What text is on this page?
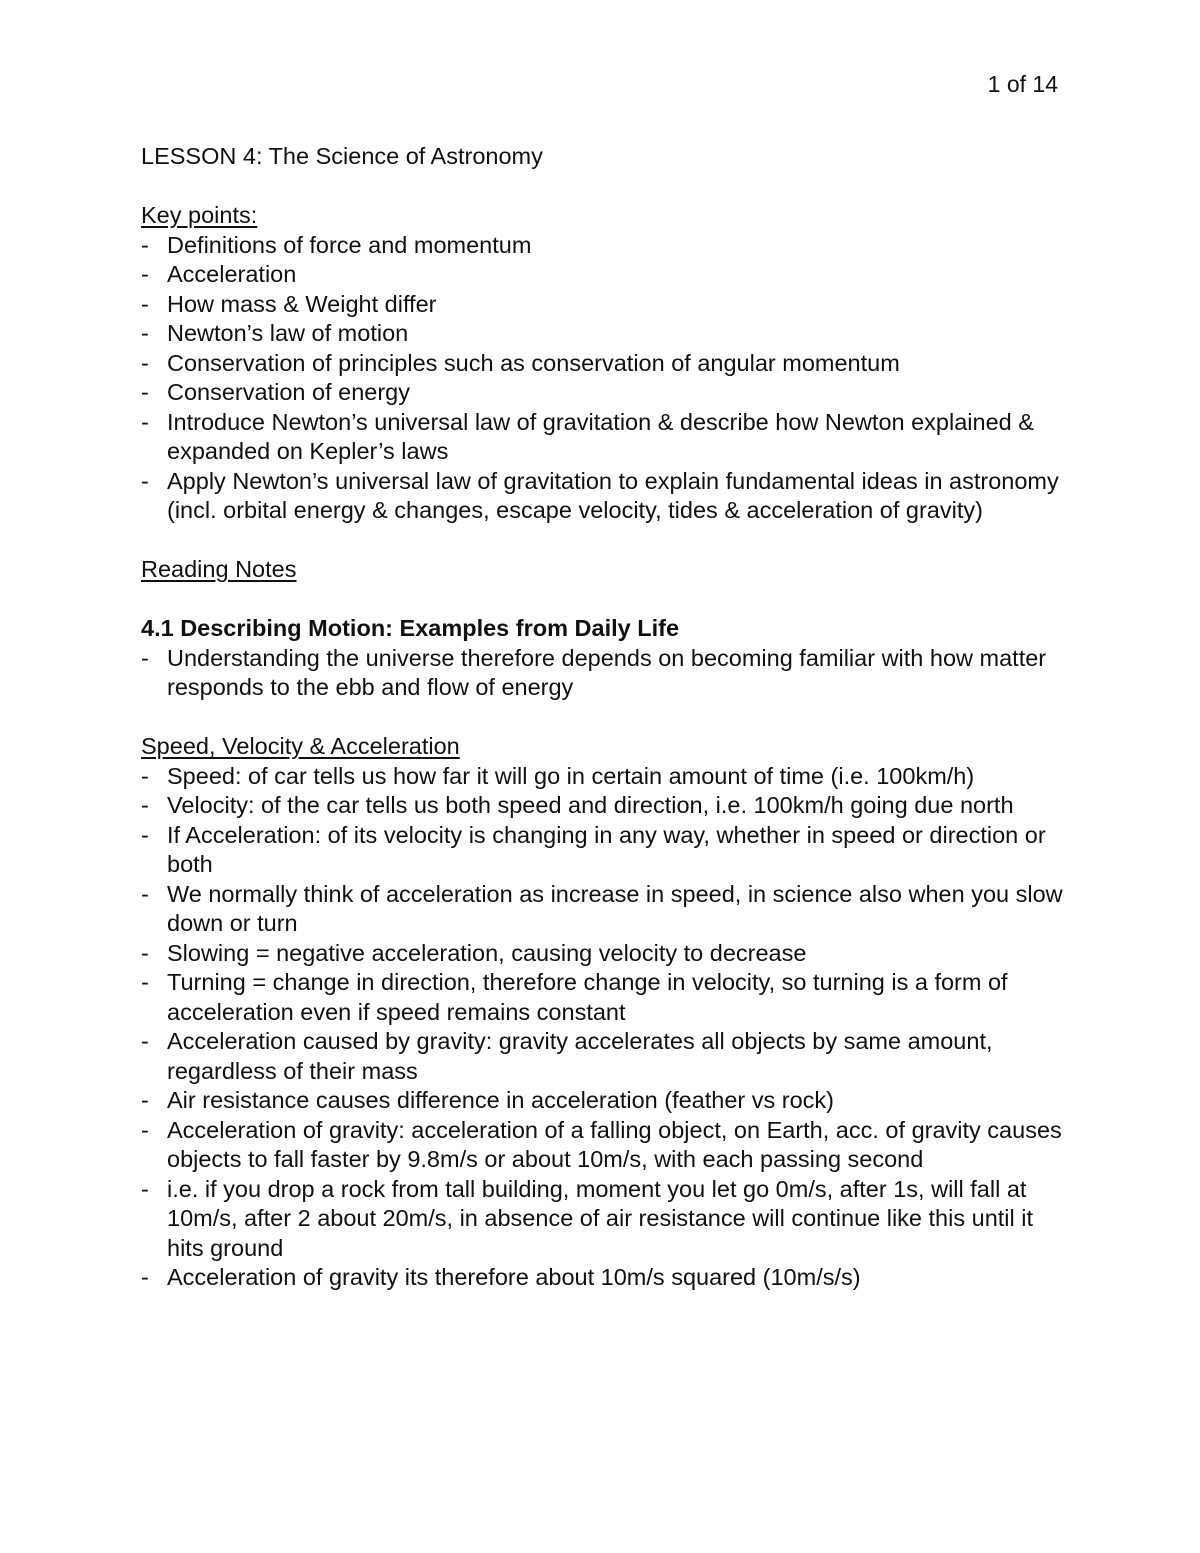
1 of 14
LESSON 4: The Science of Astronomy
Key points:
- Definitions of force and momentum
- Acceleration
- How mass & Weight differ
- Newton’s law of motion
- Conservation of principles such as conservation of angular momentum
- Conservation of energy
- Introduce Newton’s universal law of gravitation & describe how Newton explained & expanded on Kepler’s laws
- Apply Newton’s universal law of gravitation to explain fundamental ideas in astronomy (incl. orbital energy & changes, escape velocity, tides & acceleration of gravity)
Reading Notes
4.1 Describing Motion: Examples from Daily Life
- Understanding the universe therefore depends on becoming familiar with how matter responds to the ebb and flow of energy
Speed, Velocity & Acceleration
- Speed: of car tells us how far it will go in certain amount of time (i.e. 100km/h)
- Velocity: of the car tells us both speed and direction, i.e. 100km/h going due north
- If Acceleration: of its velocity is changing in any way, whether in speed or direction or both
- We normally think of acceleration as increase in speed, in science also when you slow down or turn
- Slowing = negative acceleration, causing velocity to decrease
- Turning = change in direction, therefore change in velocity, so turning is a form of acceleration even if speed remains constant
- Acceleration caused by gravity: gravity accelerates all objects by same amount, regardless of their mass
- Air resistance causes difference in acceleration (feather vs rock)
- Acceleration of gravity: acceleration of a falling object, on Earth, acc. of gravity causes objects to fall faster by 9.8m/s or about 10m/s, with each passing second
- i.e. if you drop a rock from tall building, moment you let go 0m/s, after 1s, will fall at 10m/s, after 2 about 20m/s, in absence of air resistance will continue like this until it hits ground
- Acceleration of gravity its therefore about 10m/s squared (10m/s/s)
